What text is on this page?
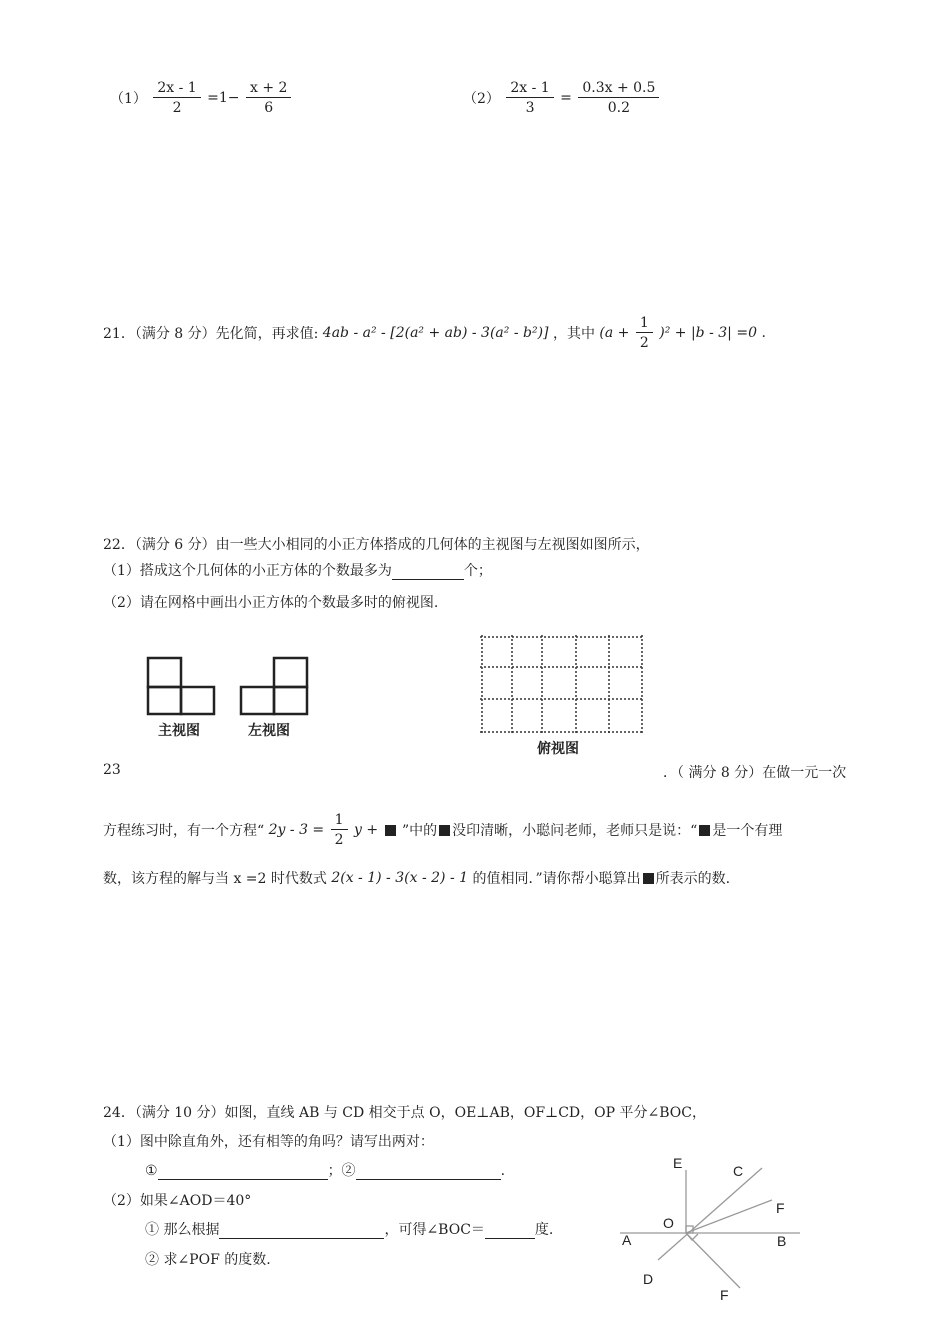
$(1) \frac{2x - 1}{2} =1- \frac{x + 2}{6}$	$(2) \frac{2x - 1}{3} = \frac{0.3x + 0.5}{0.2}$
21．（满分 8 分）先化简，再求值: 4ab - a² - [2(a² + ab) - 3(a² - b²)] ，其中 $(a + \frac{1}{2} )^2 + |b - 3| =0$ .
22．（满分 6 分）由一些大小相同的小正方体搭成的几何体的主视图与左视图如图所示，
（1）搭成这个几何体的小正方体的个数最多为	个；
（2）请在网格中画出小正方体的个数最多时的俯视图.
主视图	左视图
俯视图
23	．（ 满分 8 分）在做一元一次
方程练习时，有一个方程“ $2y - 3 = \frac{1}{2}$ y + ”中的 没印清晰，小聪问老师，老师只是说：“ 是一个有理
数，该方程的解与当 x =2 时代数式 2(x - 1) - 3(x - 2) - 1 的值相同．”请你帮小聪算出 所表示的数.
24．（满分 10 分）如图，直线 AB 与 CD 相交于点 O，OE⊥AB，OF⊥CD，OP 平分∠BOC，
（1）图中除直角外，还有相等的角吗？请写出两对：
①	；②	.
（2）如果∠AOD＝40°
① 那么根据	，可得∠BOC＝	度.
② 求∠POF 的度数.
E	C
F
O
A	B
D
F
